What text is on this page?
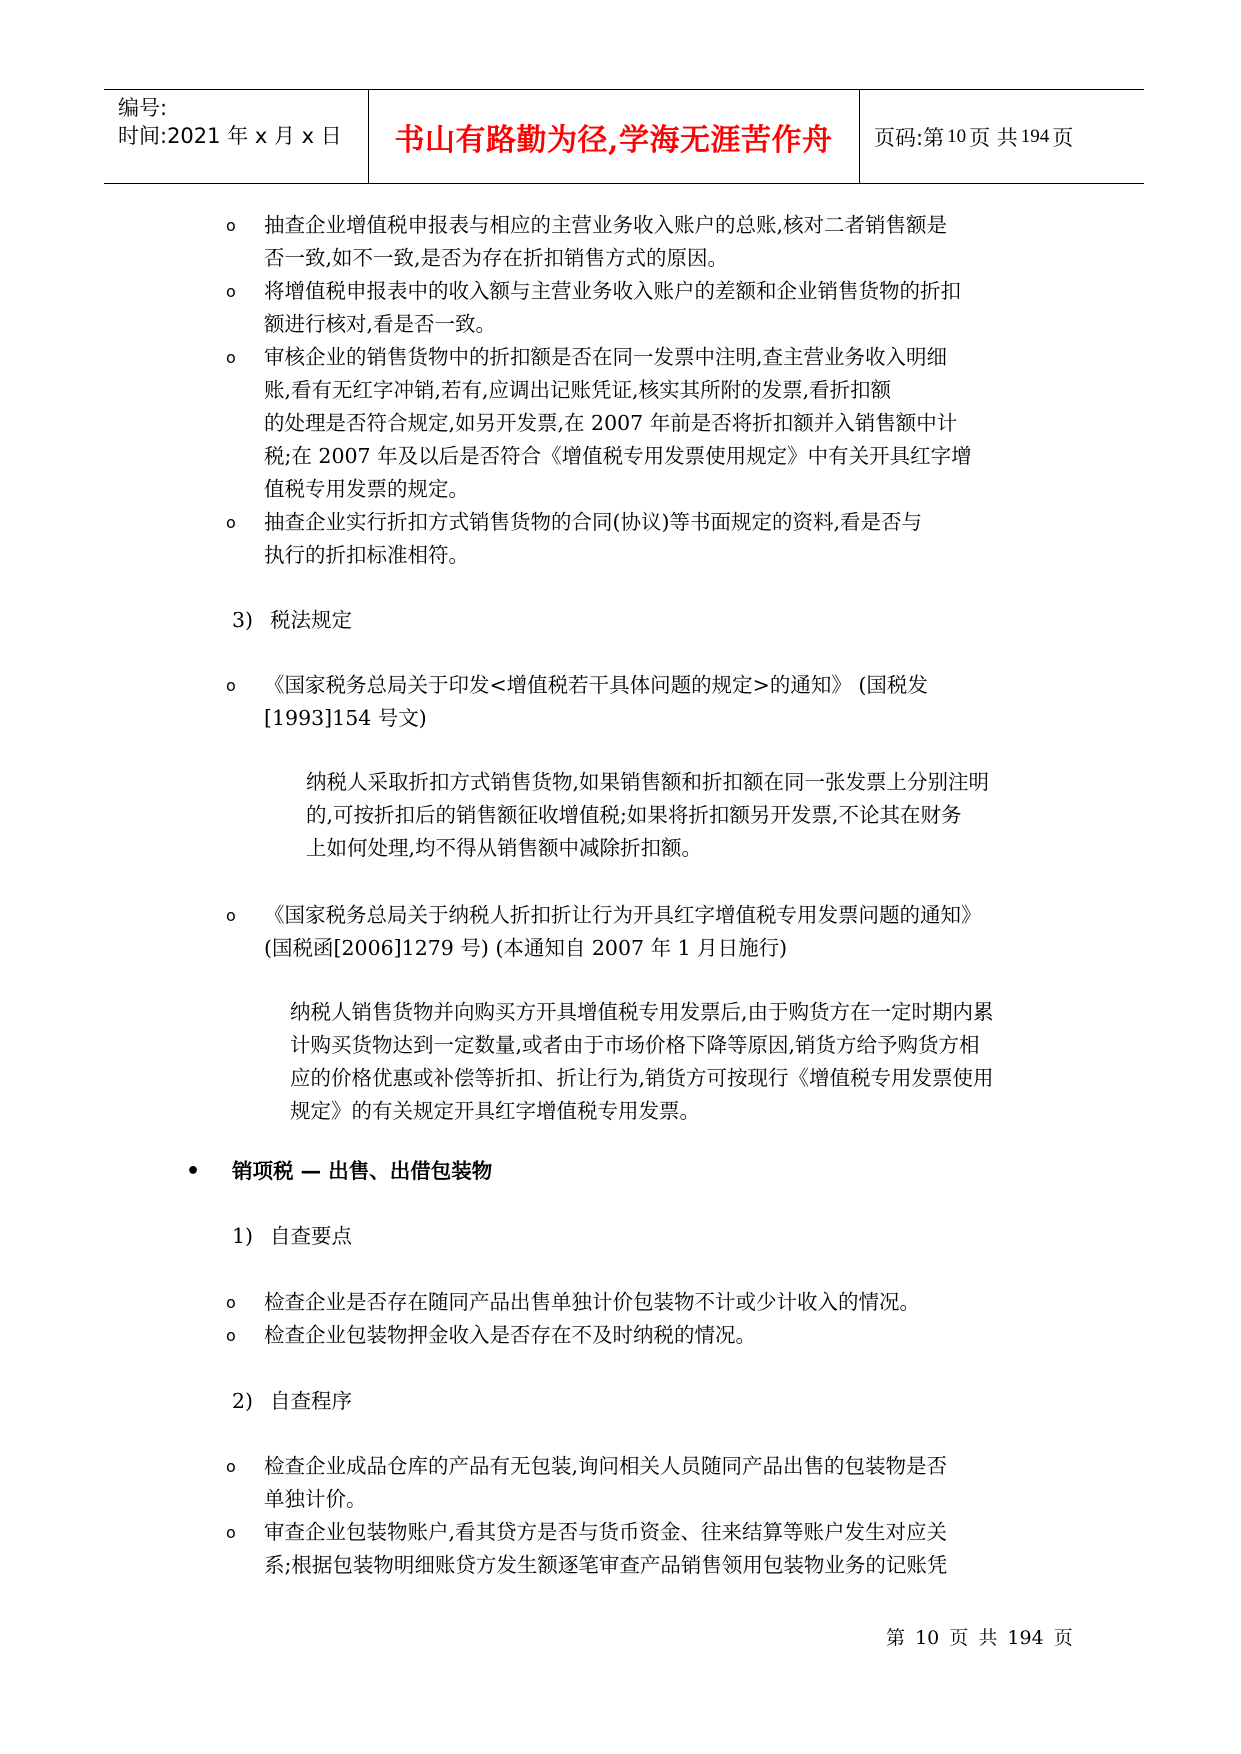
编号:
时间:2021 年 x 月 x 日	书山有路勤为径,学海无涯苦作舟	页码:第 10 页 共 194 页
o 抽查企业增值税申报表与相应的主营业务收入账户的总账,核对二者销售额是
否一致,如不一致,是否为存在折扣销售方式的原因。
o 将增值税申报表中的收入额与主营业务收入账户的差额和企业销售货物的折扣
额进行核对,看是否一致。
o 审核企业的销售货物中的折扣额是否在同一发票中注明,查主营业务收入明细
账,看有无红字冲销,若有,应调出记账凭证,核实其所附的发票,看折扣额
的处理是否符合规定,如另开发票,在 2007 年前是否将折扣额并入销售额中计
税;在 2007 年及以后是否符合《增值税专用发票使用规定》中有关开具红字增
值税专用发票的规定。
o 抽查企业实行折扣方式销售货物的合同(协议)等书面规定的资料,看是否与
执行的折扣标准相符。
3) 税法规定
o 《国家税务总局关于印发<增值税若干具体问题的规定>的通知》 (国税发
[1993]154 号文)
纳税人采取折扣方式销售货物,如果销售额和折扣额在同一张发票上分别注明
的,可按折扣后的销售额征收增值税;如果将折扣额另开发票,不论其在财务
上如何处理,均不得从销售额中减除折扣额。
o 《国家税务总局关于纳税人折扣折让行为开具红字增值税专用发票问题的通知》
(国税函[2006]1279 号) (本通知自 2007 年 1 月日施行)
纳税人销售货物并向购买方开具增值税专用发票后,由于购货方在一定时期内累
计购买货物达到一定数量,或者由于市场价格下降等原因,销货方给予购货方相
应的价格优惠或补偿等折扣、折让行为,销货方可按现行《增值税专用发票使用
规定》的有关规定开具红字增值税专用发票。
• 销项税 — 出售、出借包装物
1) 自查要点
o 检查企业是否存在随同产品出售单独计价包装物不计或少计收入的情况。
o 检查企业包装物押金收入是否存在不及时纳税的情况。
2) 自查程序
o 检查企业成品仓库的产品有无包装,询问相关人员随同产品出售的包装物是否
单独计价。
o 审查企业包装物账户,看其贷方是否与货币资金、往来结算等账户发生对应关
系;根据包装物明细账贷方发生额逐笔审查产品销售领用包装物业务的记账凭
第 10 页 共 194 页
